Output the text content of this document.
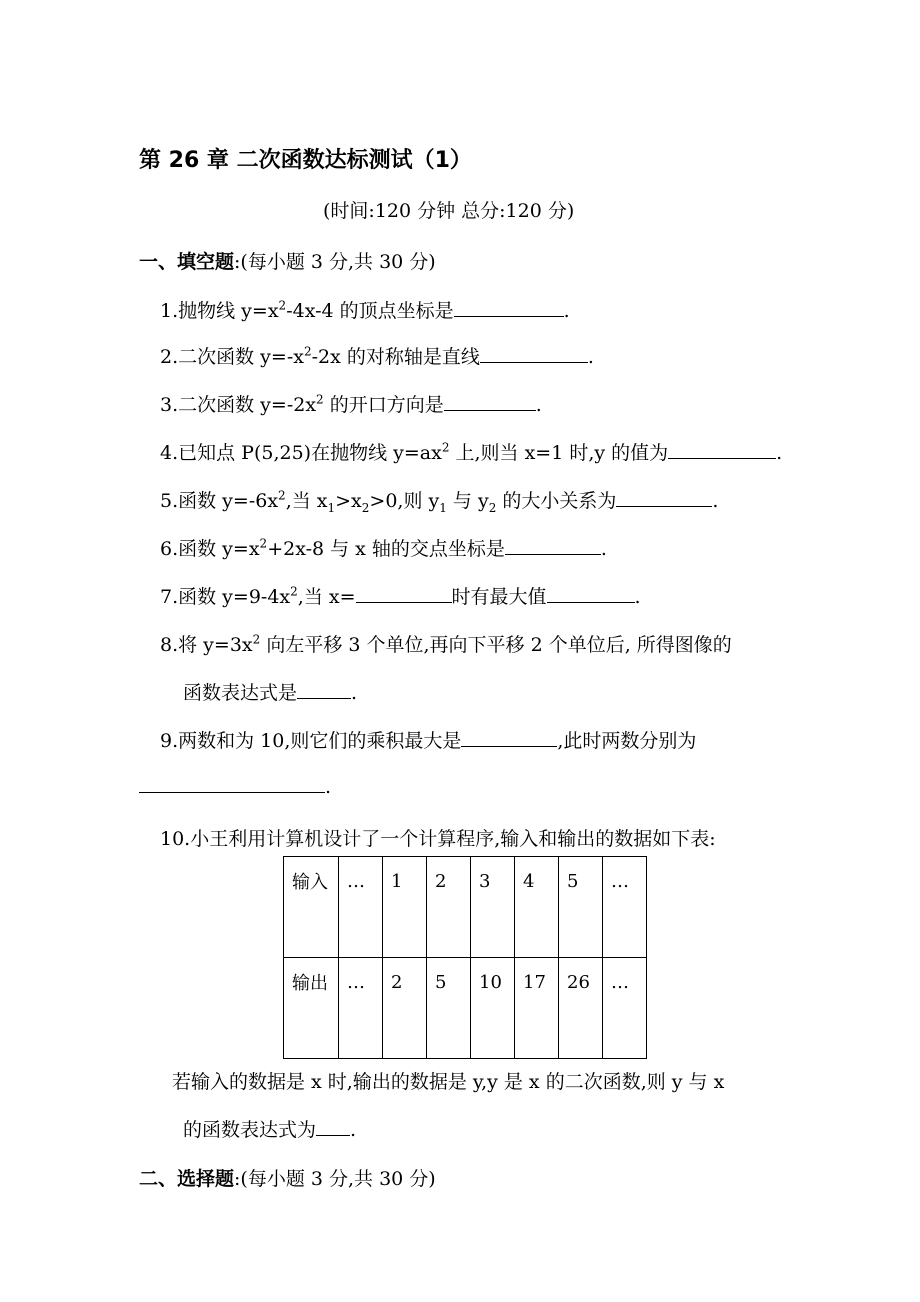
第 26 章 二次函数达标测试（1）
(时间:120 分钟 总分:120 分)
一、填空题:(每小题 3 分,共 30 分)
1.抛物线 $y=x^2-4x-4$ 的顶点坐标是	.
2.二次函数 $y=-x^2-2x$ 的对称轴是直线	.
3.二次函数 $y=-2x^2$ 的开口方向是	.
4.已知点 P(5,25)在抛物线 $y=ax^2$ 上,则当 x=1 时,y 的值为	.
5.函数 $y=-6x^2$,当 $x_1>x_2>0$,则 $y_1$ 与 $y_2$ 的大小关系为	.
6.函数 $y=x^2+2x-8$ 与 x 轴的交点坐标是	.
7.函数 $y=9-4x^2$,当 x=	时有最大值	.
8.将 $y=3x^2$ 向左平移 3 个单位,再向下平移 2 个单位后, 所得图像的
函数表达式是	.
9.两数和为 10,则它们的乘积最大是	,此时两数分别为
.
10.小王利用计算机设计了一个计算程序,输入和输出的数据如下表:
输入	…	1	2	3	4	5	…
输出	…	2	5	10	17	26	…
若输入的数据是 x 时,输出的数据是 y,y 是 x 的二次函数,则 y 与 x
的函数表达式为 .
二、选择题:(每小题 3 分,共 30 分)
